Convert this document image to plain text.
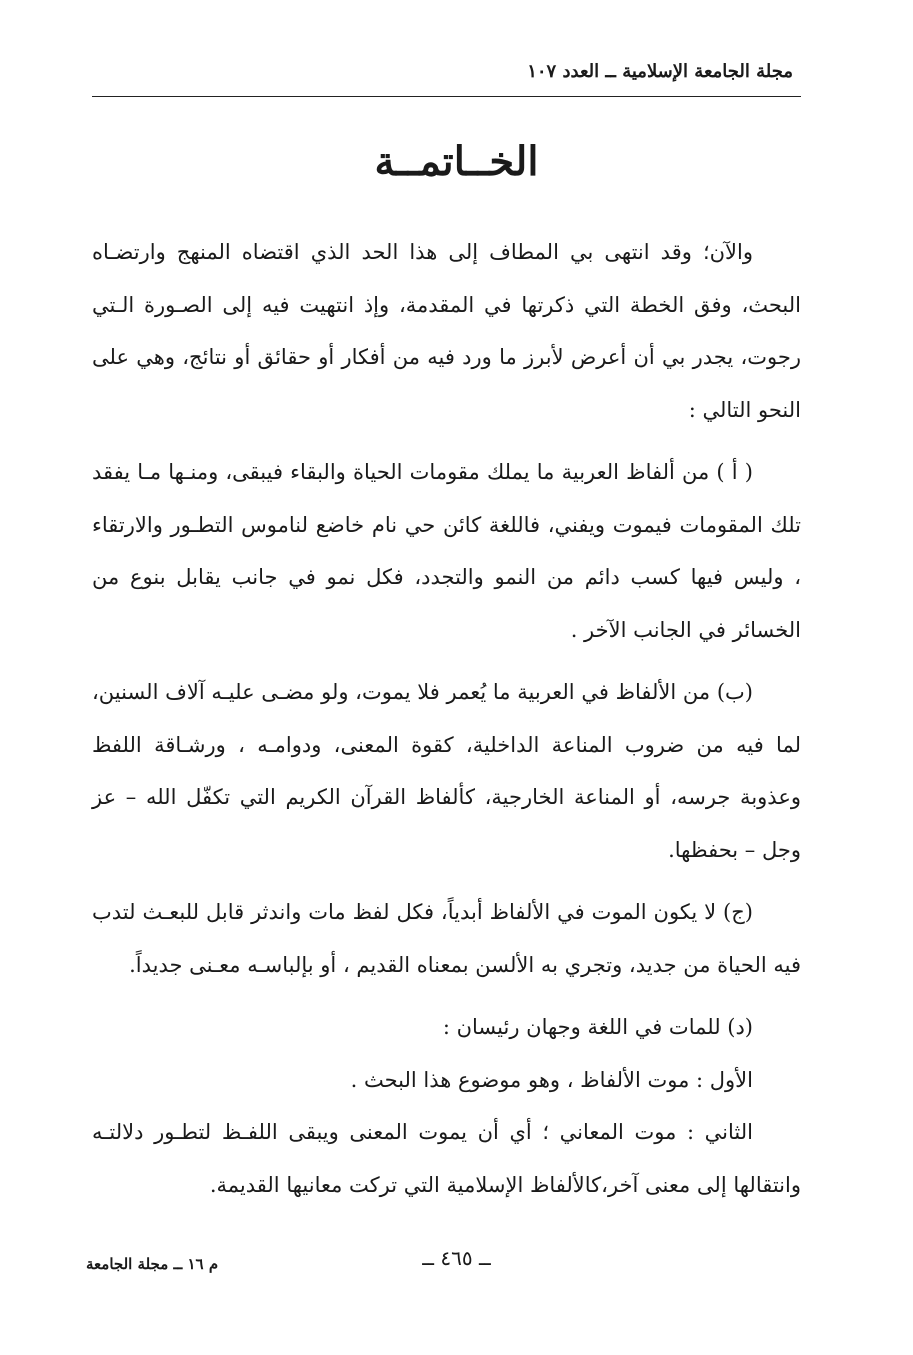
مجلة الجامعة الإسلامية ــ العدد ١٠٧
الخــاتمــة

والآن؛ وقد انتهى بي المطاف إلى هذا الحد الذي اقتضاه المنهج وارتضـاه البحث، وفق الخطة التي ذكرتها في المقدمة، وإذ انتهيت فيه إلى الصـورة الـتي رجوت، يجدر بي أن أعرض لأبرز ما ورد فيه من أفكار أو حقائق أو نتائج، وهي على النحو التالي :

( أ ) من ألفاظ العربية ما يملك مقومات الحياة والبقاء فيبقى، ومنـها مـا يفقد تلك المقومات فيموت ويفني، فاللغة كائن حي نام خاضع لناموس التطـور والارتقاء ، وليس فيها كسب دائم من النمو والتجدد، فكل نمو في جانب يقابل بنوع من الخسائر في الجانب الآخر .

(ب) من الألفاظ في العربية ما يُعمر فلا يموت، ولو مضـى عليـه آلاف السنين، لما فيه من ضروب المناعة الداخلية، كقوة المعنى، ودوامـه ، ورشـاقة اللفظ وعذوبة جرسه، أو المناعة الخارجية، كألفاظ القرآن الكريم التي تكفّل الله – عز وجل – بحفظها.

(ج) لا يكون الموت في الألفاظ أبدياً، فكل لفظ مات واندثر قابل للبعـث لتدب فيه الحياة من جديد، وتجري به الألسن بمعناه القديم ، أو بإلباسـه معـنى جديداً.

(د) للمات في اللغة وجهان رئيسان :

الأول : موت الألفاظ ، وهو موضوع هذا البحث .

الثاني : موت المعاني ؛ أي أن يموت المعنى ويبقى اللفـظ لتطـور دلالتـه وانتقالها إلى معنى آخر،كالألفاظ الإسلامية التي تركت معانيها القديمة.

م ١٦ ــ مجلة الجامعة	ــ ٤٦٥ ــ
